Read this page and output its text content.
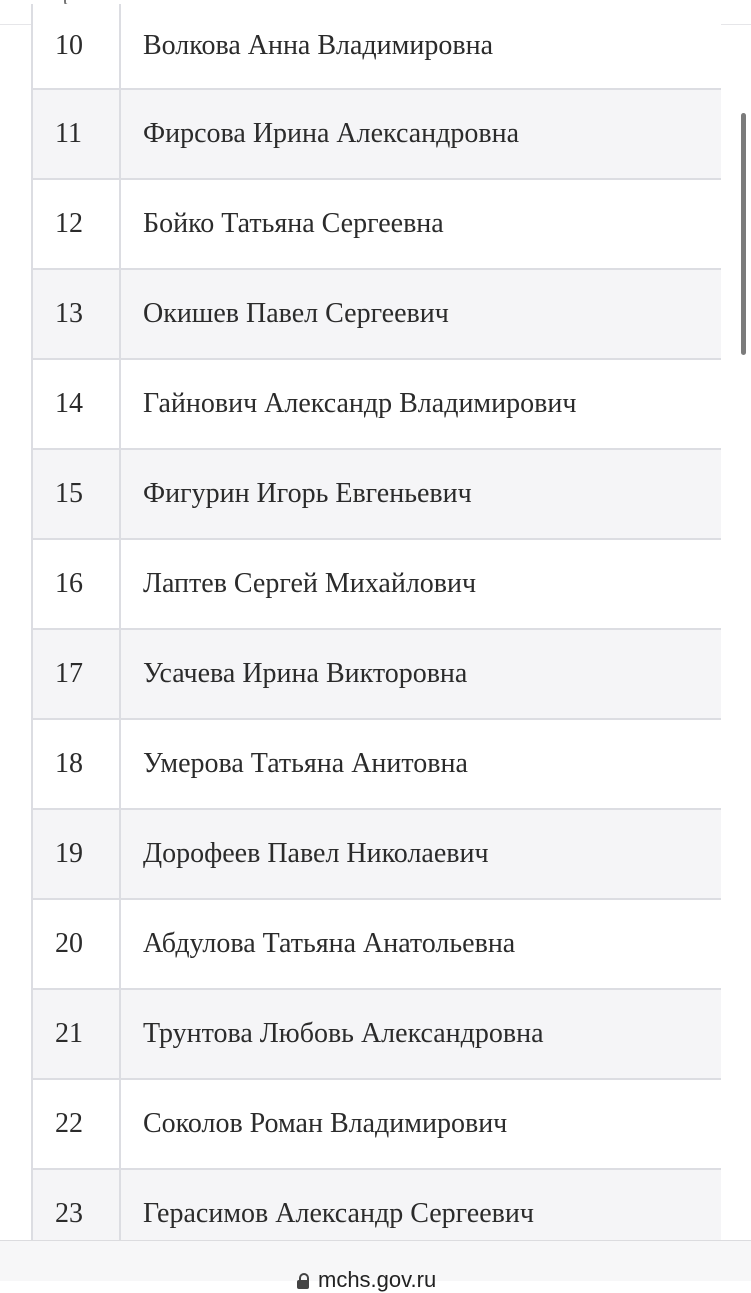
10	Волкова Анна Владимировна
11	Фирсова Ирина Александровна
12	Бойко Татьяна Сергеевна
13	Окишев Павел Сергеевич
14	Гайнович Александр Владимирович
15	Фигурин Игорь Евгеньевич
16	Лаптев Сергей Михайлович
17	Усачева Ирина Викторовна
18	Умерова Татьяна Анитовна
19	Дорофеев Павел Николаевич
20	Абдулова Татьяна Анатольевна
21	Трунтова Любовь Александровна
22	Соколов Роман Владимирович
23	Герасимов Александр Сергеевич
mchs.gov.ru
